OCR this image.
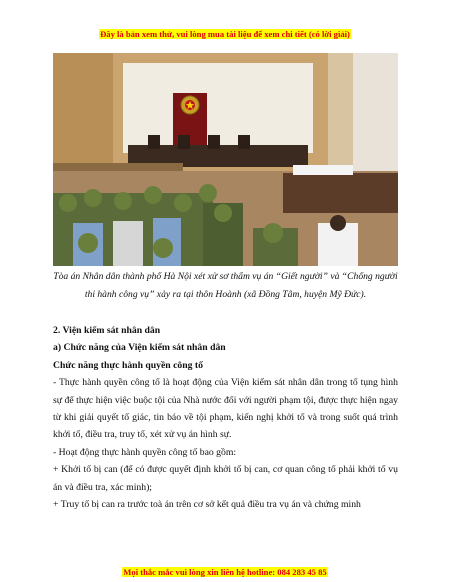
Đây là bản xem thử, vui lòng mua tài liệu để xem chi tiết (có lời giải)
Tòa án Nhân dân thành phố Hà Nội xét xử sơ thẩm vụ án “Giết người” và “Chống người thi hành công vụ” xảy ra tại thôn Hoành (xã Đồng Tâm, huyện Mỹ Đức).

2. Viện kiểm sát nhân dân

a) Chức năng của Viện kiểm sát nhân dân

Chức năng thực hành quyền công tố

- Thực hành quyền công tố là hoạt động của Viện kiểm sát nhân dân trong tố tụng hình sự để thực hiện việc buộc tội của Nhà nước đối với người phạm tội, được thực hiện ngay từ khi giải quyết tố giác, tin báo về tội phạm, kiến nghị khởi tố và trong suốt quá trình khởi tố, điều tra, truy tố, xét xử vụ án hình sự.

- Hoạt động thực hành quyền công tố bao gồm:

+ Khởi tố bị can (để có được quyết định khởi tố bị can, cơ quan công tố phải khởi tố vụ án và điều tra, xác minh);

+ Truy tố bị can ra trước toà án trên cơ sở kết quả điều tra vụ án và chứng minh

Mọi thắc mắc vui lòng xin liên hệ hotline: 084 283 45 85
